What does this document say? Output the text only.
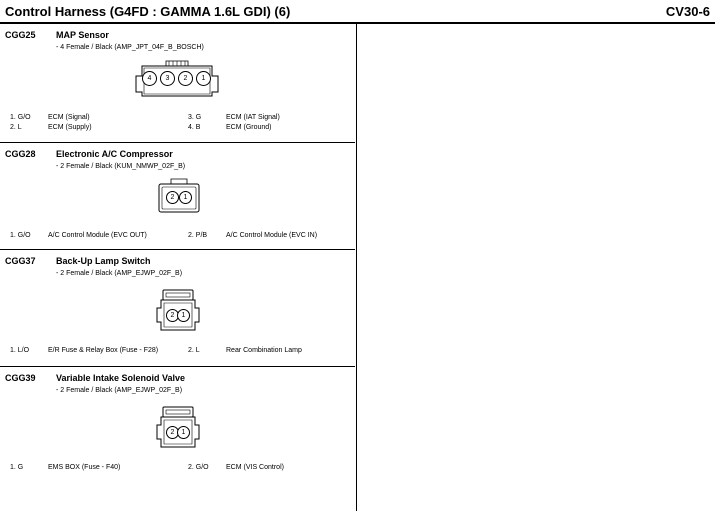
Control Harness (G4FD : GAMMA 1.6L GDI) (6)	CV30-6
CGG25 MAP Sensor
- 4 Female / Black (AMP_JPT_04F_B_BOSCH)
4	3	2	1
1. G/O ECM (Signal)	3. G	ECM (IAT Signal)
2. L	ECM (Supply)	4. B	ECM (Ground)
CGG28 Electronic A/C Compressor
- 2 Female / Black (KUM_NMWP_02F_B)
2	1
1. G/O A/C Control Module (EVC OUT)	2. P/B	A/C Control Module (EVC IN)
CGG37 Back-Up Lamp Switch
- 2 Female / Black (AMP_EJWP_02F_B)
2	1
1. L/O	E/R Fuse & Relay Box (Fuse - F28)	2. L	Rear Combination Lamp
CGG39 Variable Intake Solenoid Valve
- 2 Female / Black (AMP_EJWP_02F_B)
2	1
1. G	EMS BOX (Fuse - F40)	2. G/O ECM (VIS Control)
